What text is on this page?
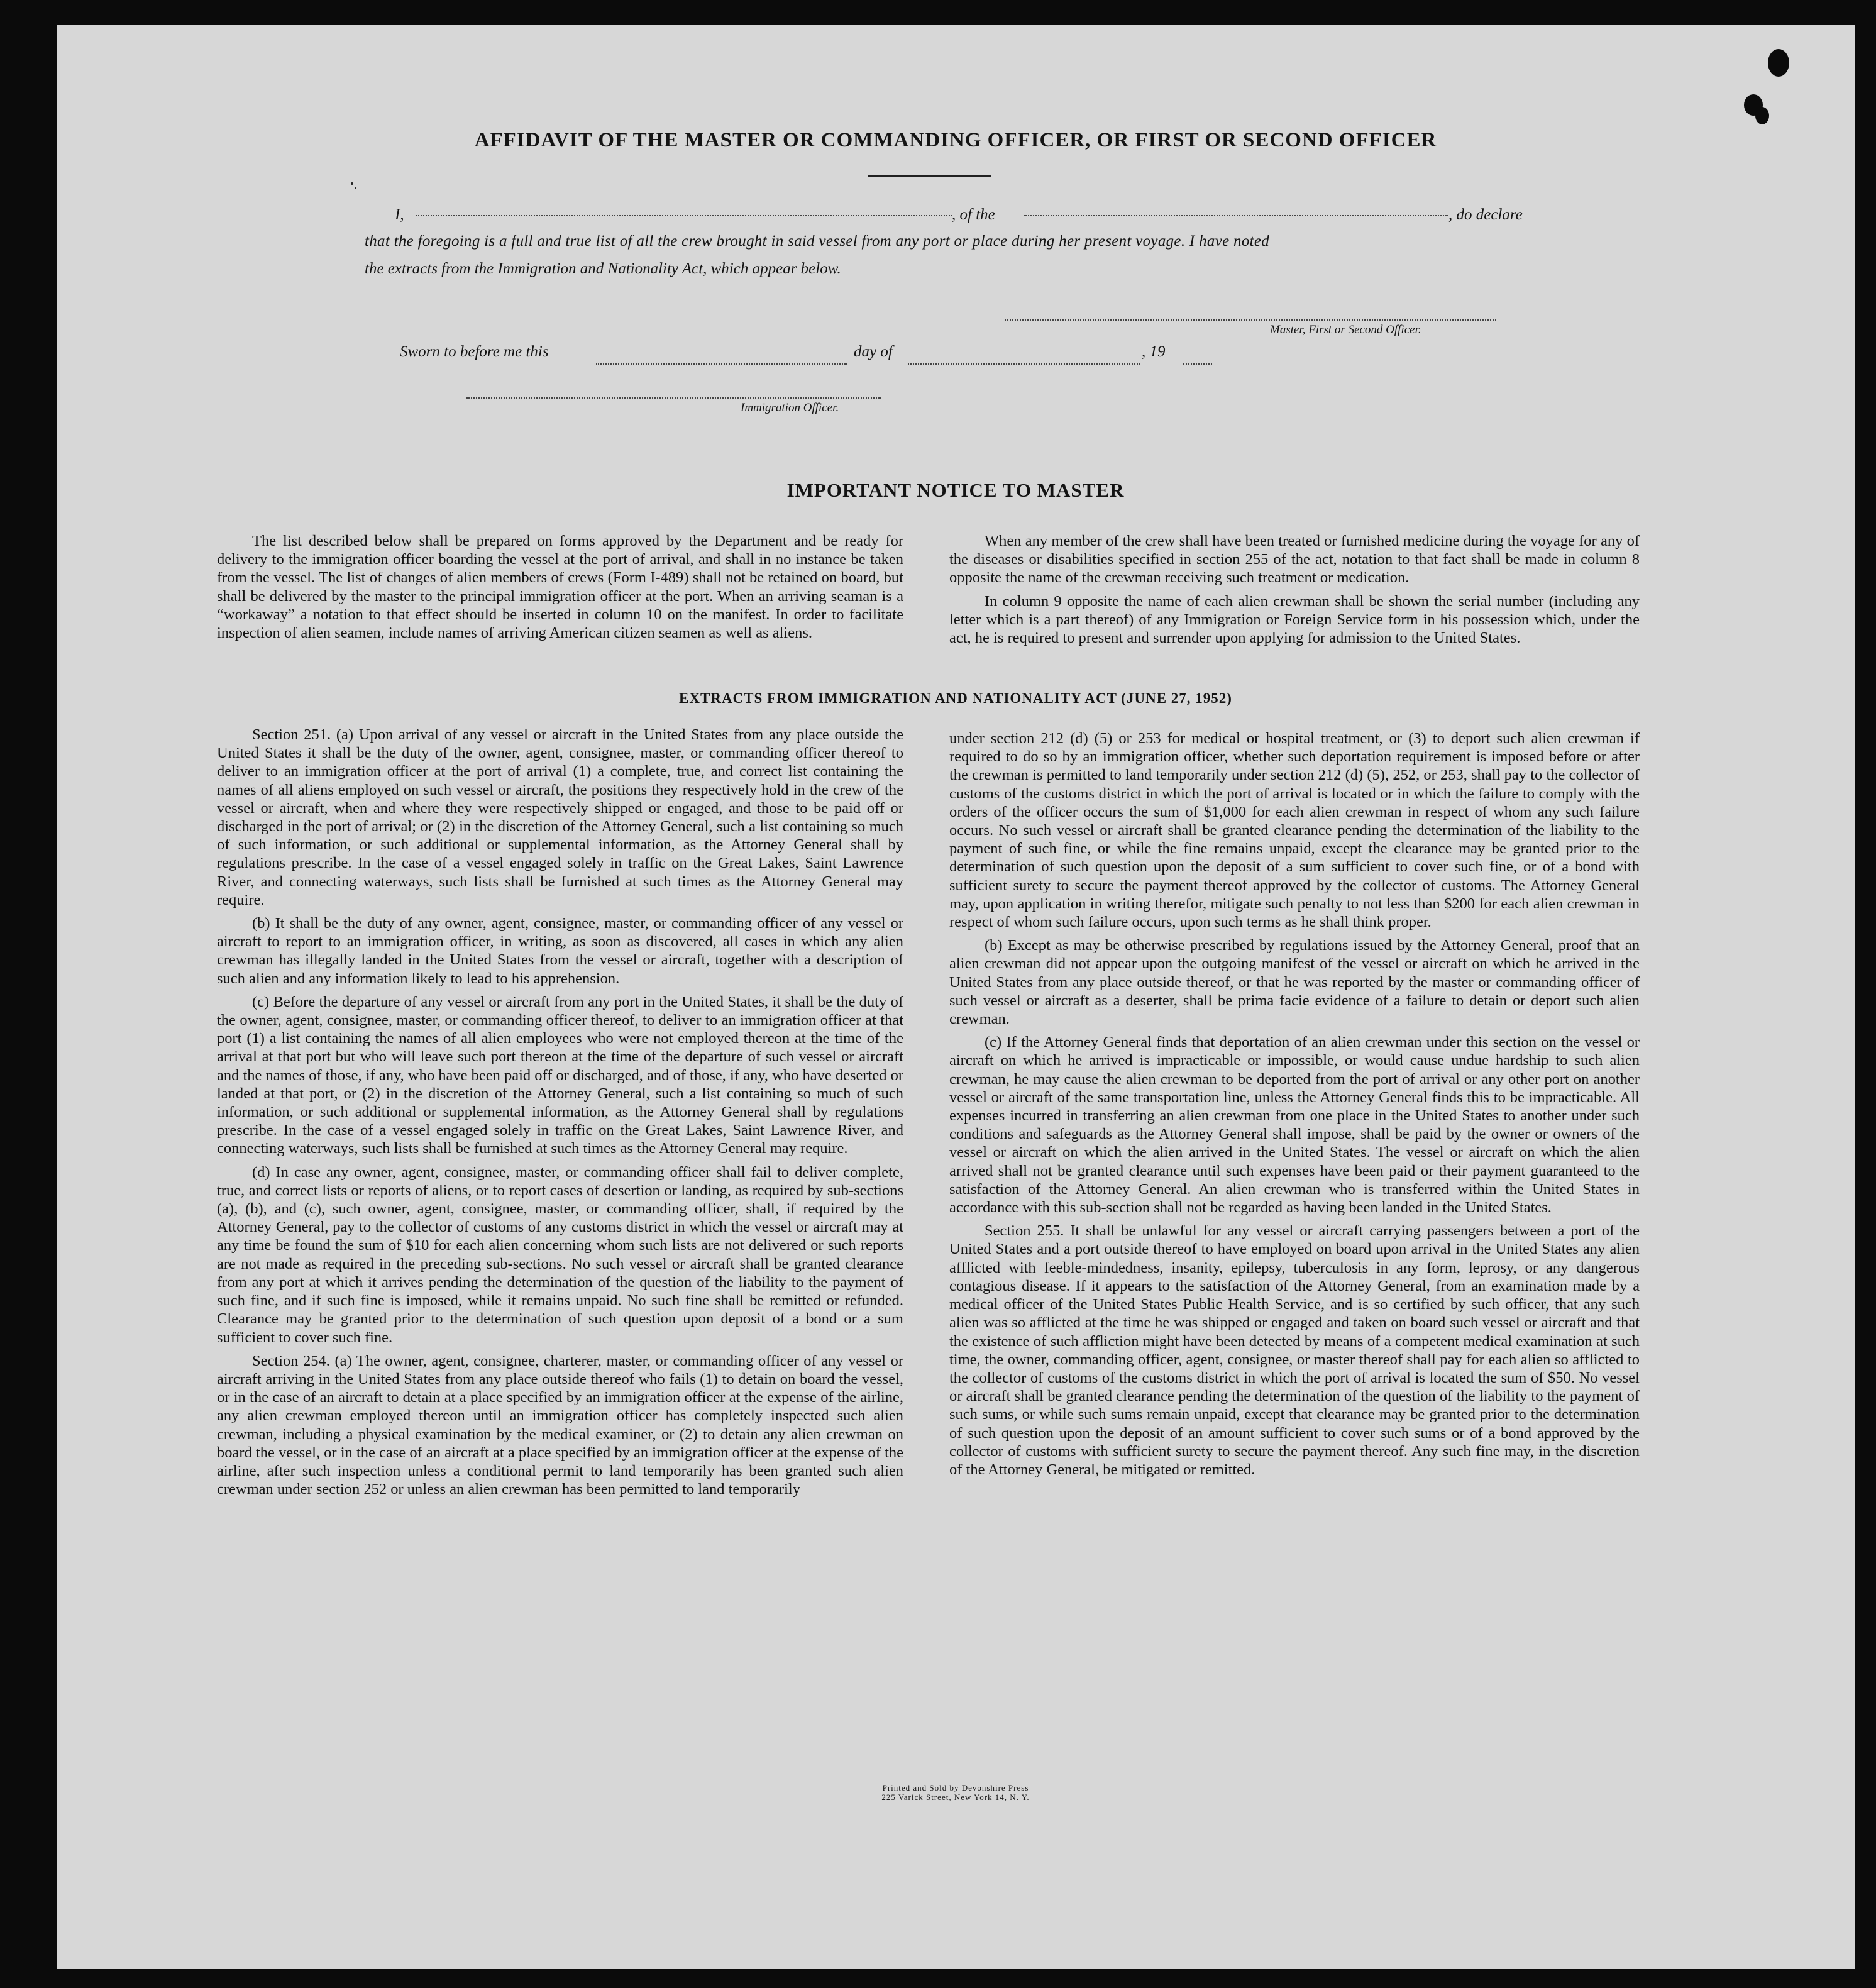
AFFIDAVIT OF THE MASTER OR COMMANDING OFFICER, OR FIRST OR SECOND OFFICER
I,	, of the	, do declare
that the foregoing is a full and true list of all the crew brought in said vessel from any port or place during her present voyage. I have noted
the extracts from the Immigration and Nationality Act, which appear below.
Master, First or Second Officer.
Sworn to before me this	day of	, 19
Immigration Officer.
IMPORTANT NOTICE TO MASTER

The list described below shall be prepared on forms approved by the Department and be ready for delivery to the immigration officer boarding the vessel at the port of arrival, and shall in no instance be taken from the vessel. The list of changes of alien members of crews (Form I-489) shall not be retained on board, but shall be delivered by the master to the principal immigration officer at the port. When an arriving seaman is a “workaway” a notation to that effect should be inserted in column 10 on the manifest. In order to facilitate inspection of alien seamen, include names of arriving American citizen seamen as well as aliens.

When any member of the crew shall have been treated or furnished medicine during the voyage for any of the diseases or disabilities specified in section 255 of the act, notation to that fact shall be made in column 8 opposite the name of the crewman receiving such treatment or medication.

In column 9 opposite the name of each alien crewman shall be shown the serial number (including any letter which is a part thereof) of any Immigration or Foreign Service form in his possession which, under the act, he is required to present and surrender upon applying for admission to the United States.

EXTRACTS FROM IMMIGRATION AND NATIONALITY ACT (JUNE 27, 1952)

Section 251. (a) Upon arrival of any vessel or aircraft in the United States from any place outside the United States it shall be the duty of the owner, agent, consignee, master, or commanding officer thereof to deliver to an immigration officer at the port of arrival (1) a complete, true, and correct list containing the names of all aliens employed on such vessel or aircraft, the positions they respectively hold in the crew of the vessel or aircraft, when and where they were respectively shipped or engaged, and those to be paid off or discharged in the port of arrival; or (2) in the discretion of the Attorney General, such a list containing so much of such information, or such additional or supplemental information, as the Attorney General shall by regulations prescribe. In the case of a vessel engaged solely in traffic on the Great Lakes, Saint Lawrence River, and connecting waterways, such lists shall be furnished at such times as the Attorney General may require.

(b) It shall be the duty of any owner, agent, consignee, master, or commanding officer of any vessel or aircraft to report to an immigration officer, in writing, as soon as discovered, all cases in which any alien crewman has illegally landed in the United States from the vessel or aircraft, together with a description of such alien and any information likely to lead to his apprehension.

(c) Before the departure of any vessel or aircraft from any port in the United States, it shall be the duty of the owner, agent, consignee, master, or commanding officer thereof, to deliver to an immigration officer at that port (1) a list containing the names of all alien employees who were not employed thereon at the time of the arrival at that port but who will leave such port thereon at the time of the departure of such vessel or aircraft and the names of those, if any, who have been paid off or discharged, and of those, if any, who have deserted or landed at that port, or (2) in the discretion of the Attorney General, such a list containing so much of such information, or such additional or supplemental information, as the Attorney General shall by regulations prescribe. In the case of a vessel engaged solely in traffic on the Great Lakes, Saint Lawrence River, and connecting waterways, such lists shall be furnished at such times as the Attorney General may require.

(d) In case any owner, agent, consignee, master, or commanding officer shall fail to deliver complete, true, and correct lists or reports of aliens, or to report cases of desertion or landing, as required by sub-sections (a), (b), and (c), such owner, agent, consignee, master, or commanding officer, shall, if required by the Attorney General, pay to the collector of customs of any customs district in which the vessel or aircraft may at any time be found the sum of $10 for each alien concerning whom such lists are not delivered or such reports are not made as required in the preceding sub-sections. No such vessel or aircraft shall be granted clearance from any port at which it arrives pending the determination of the question of the liability to the payment of such fine, and if such fine is imposed, while it remains unpaid. No such fine shall be remitted or refunded. Clearance may be granted prior to the determination of such question upon deposit of a bond or a sum sufficient to cover such fine.

Section 254. (a) The owner, agent, consignee, charterer, master, or commanding officer of any vessel or aircraft arriving in the United States from any place outside thereof who fails (1) to detain on board the vessel, or in the case of an aircraft to detain at a place specified by an immigration officer at the expense of the airline, any alien crewman employed thereon until an immigration officer has completely inspected such alien crewman, including a physical examination by the medical examiner, or (2) to detain any alien crewman on board the vessel, or in the case of an aircraft at a place specified by an immigration officer at the expense of the airline, after such inspection unless a conditional permit to land temporarily has been granted such alien crewman under section 252 or unless an alien crewman has been permitted to land temporarily

under section 212 (d) (5) or 253 for medical or hospital treatment, or (3) to deport such alien crewman if required to do so by an immigration officer, whether such deportation requirement is imposed before or after the crewman is permitted to land temporarily under section 212 (d) (5), 252, or 253, shall pay to the collector of customs of the customs district in which the port of arrival is located or in which the failure to comply with the orders of the officer occurs the sum of $1,000 for each alien crewman in respect of whom any such failure occurs. No such vessel or aircraft shall be granted clearance pending the determination of the liability to the payment of such fine, or while the fine remains unpaid, except the clearance may be granted prior to the determination of such question upon the deposit of a sum sufficient to cover such fine, or of a bond with sufficient surety to secure the payment thereof approved by the collector of customs. The Attorney General may, upon application in writing therefor, mitigate such penalty to not less than $200 for each alien crewman in respect of whom such failure occurs, upon such terms as he shall think proper.

(b) Except as may be otherwise prescribed by regulations issued by the Attorney General, proof that an alien crewman did not appear upon the outgoing manifest of the vessel or aircraft on which he arrived in the United States from any place outside thereof, or that he was reported by the master or commanding officer of such vessel or aircraft as a deserter, shall be prima facie evidence of a failure to detain or deport such alien crewman.

(c) If the Attorney General finds that deportation of an alien crewman under this section on the vessel or aircraft on which he arrived is impracticable or impossible, or would cause undue hardship to such alien crewman, he may cause the alien crewman to be deported from the port of arrival or any other port on another vessel or aircraft of the same transportation line, unless the Attorney General finds this to be impracticable. All expenses incurred in transferring an alien crewman from one place in the United States to another under such conditions and safeguards as the Attorney General shall impose, shall be paid by the owner or owners of the vessel or aircraft on which the alien arrived in the United States. The vessel or aircraft on which the alien arrived shall not be granted clearance until such expenses have been paid or their payment guaranteed to the satisfaction of the Attorney General. An alien crewman who is transferred within the United States in accordance with this sub-section shall not be regarded as having been landed in the United States.

Section 255. It shall be unlawful for any vessel or aircraft carrying passengers between a port of the United States and a port outside thereof to have employed on board upon arrival in the United States any alien afflicted with feeble-mindedness, insanity, epilepsy, tuberculosis in any form, leprosy, or any dangerous contagious disease. If it appears to the satisfaction of the Attorney General, from an examination made by a medical officer of the United States Public Health Service, and is so certified by such officer, that any such alien was so afflicted at the time he was shipped or engaged and taken on board such vessel or aircraft and that the existence of such affliction might have been detected by means of a competent medical examination at such time, the owner, commanding officer, agent, consignee, or master thereof shall pay for each alien so afflicted to the collector of customs of the customs district in which the port of arrival is located the sum of $50. No vessel or aircraft shall be granted clearance pending the determination of the question of the liability to the payment of such sums, or while such sums remain unpaid, except that clearance may be granted prior to the determination of such question upon the deposit of an amount sufficient to cover such sums or of a bond approved by the collector of customs with sufficient surety to secure the payment thereof. Any such fine may, in the discretion of the Attorney General, be mitigated or remitted.

Printed and Sold by Devonshire Press
225 Varick Street, New York 14, N. Y.
